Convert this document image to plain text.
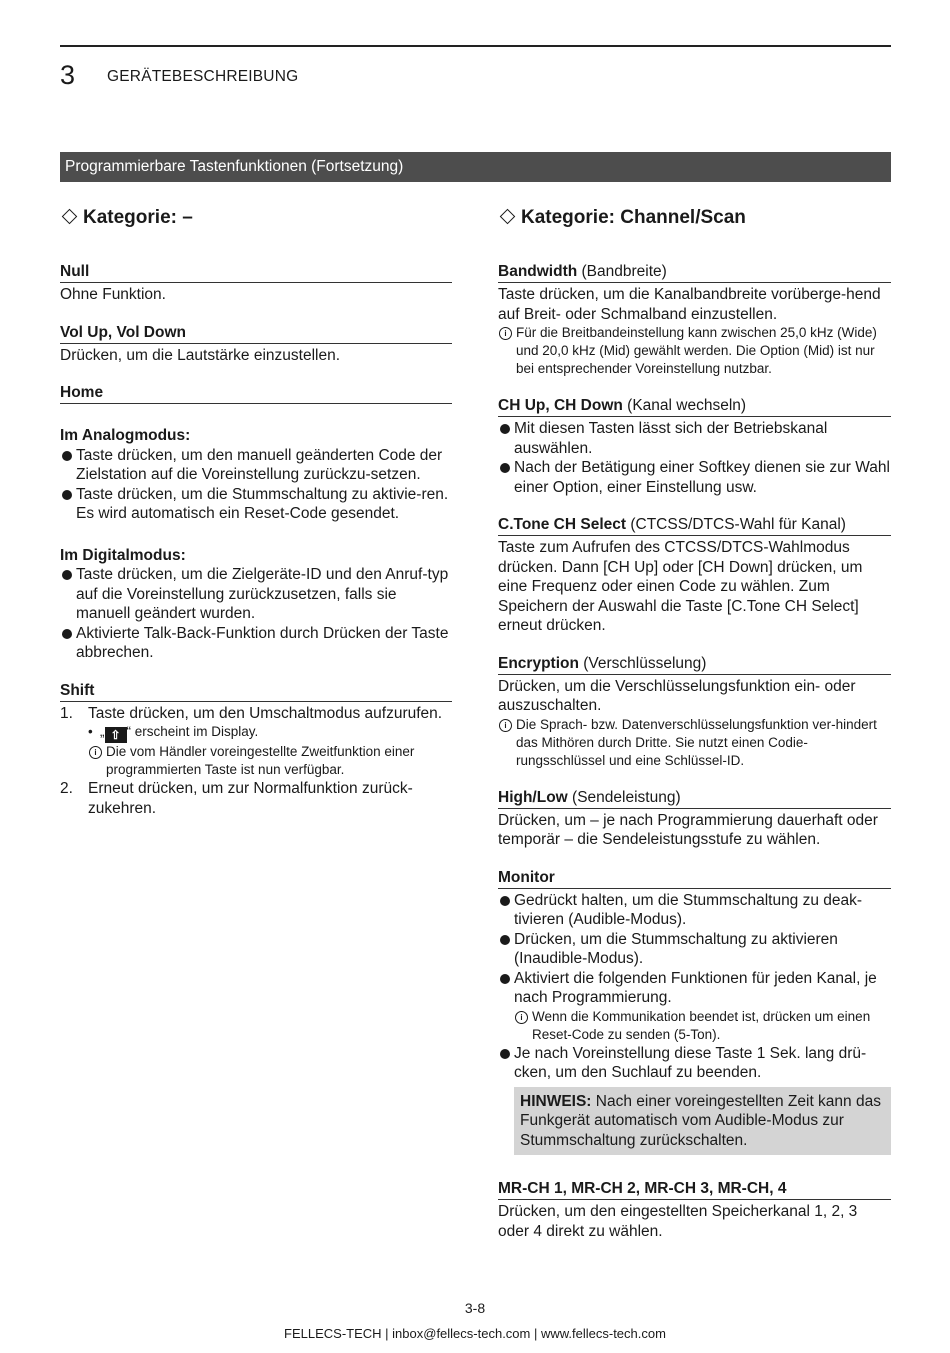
3 GERÄTEBESCHREIBUNG
Programmierbare Tastenfunktionen (Fortsetzung)
Kategorie: –
Null
Ohne Funktion.
Vol Up, Vol Down
Drücken, um die Lautstärke einzustellen.
Home
Im Analogmodus:
Taste drücken, um den manuell geänderten Code der Zielstation auf die Voreinstellung zurückzu-setzen.
Taste drücken, um die Stummschaltung zu aktivie-ren. Es wird automatisch ein Reset-Code gesendet.
Im Digitalmodus:
Taste drücken, um die Zielgeräte-ID und den Anruf-typ auf die Voreinstellung zurückzusetzen, falls sie manuell geändert wurden.
Aktivierte Talk-Back-Funktion durch Drücken der Taste abbrechen.
Shift
1. Taste drücken, um den Umschaltmodus aufzurufen.
• „ ⇧ “ erscheint im Display.
i Die vom Händler voreingestellte Zweitfunktion einer programmierten Taste ist nun verfügbar.
2. Erneut drücken, um zur Normalfunktion zurück-zukehren.
Kategorie: Channel/Scan
Bandwidth (Bandbreite)
Taste drücken, um die Kanalbandbreite vorüberge-hend auf Breit- oder Schmalband einzustellen.
i Für die Breitbandeinstellung kann zwischen 25,0 kHz (Wide) und 20,0 kHz (Mid) gewählt werden. Die Option (Mid) ist nur bei entsprechender Voreinstellung nutzbar.
CH Up, CH Down (Kanal wechseln)
Mit diesen Tasten lässt sich der Betriebskanal auswählen.
Nach der Betätigung einer Softkey dienen sie zur Wahl einer Option, einer Einstellung usw.
C.Tone CH Select (CTCSS/DTCS-Wahl für Kanal)
Taste zum Aufrufen des CTCSS/DTCS-Wahlmodus drücken. Dann [CH Up] oder [CH Down] drücken, um eine Frequenz oder einen Code zu wählen. Zum Speichern der Auswahl die Taste [C.Tone CH Select] erneut drücken.
Encryption (Verschlüsselung)
Drücken, um die Verschlüsselungsfunktion ein- oder auszuschalten.
i Die Sprach- bzw. Datenverschlüsselungsfunktion ver-hindert das Mithören durch Dritte. Sie nutzt einen Codie-rungsschlüssel und eine Schlüssel-ID.
High/Low (Sendeleistung)
Drücken, um – je nach Programmierung dauerhaft oder temporär – die Sendeleistungsstufe zu wählen.
Monitor
Gedrückt halten, um die Stummschaltung zu deak-tivieren (Audible-Modus).
Drücken, um die Stummschaltung zu aktivieren (Inaudible-Modus).
Aktiviert die folgenden Funktionen für jeden Kanal, je nach Programmierung.
i Wenn die Kommunikation beendet ist, drücken um einen Reset-Code zu senden (5-Ton).
Je nach Voreinstellung diese Taste 1 Sek. lang drü-cken, um den Suchlauf zu beenden.
HINWEIS: Nach einer voreingestellten Zeit kann das Funkgerät automatisch vom Audible-Modus zur Stummschaltung zurückschalten.
MR-CH 1, MR-CH 2, MR-CH 3, MR-CH, 4
Drücken, um den eingestellten Speicherkanal 1, 2, 3 oder 4 direkt zu wählen.
3-8
FELLECS-TECH | inbox@fellecs-tech.com | www.fellecs-tech.com
